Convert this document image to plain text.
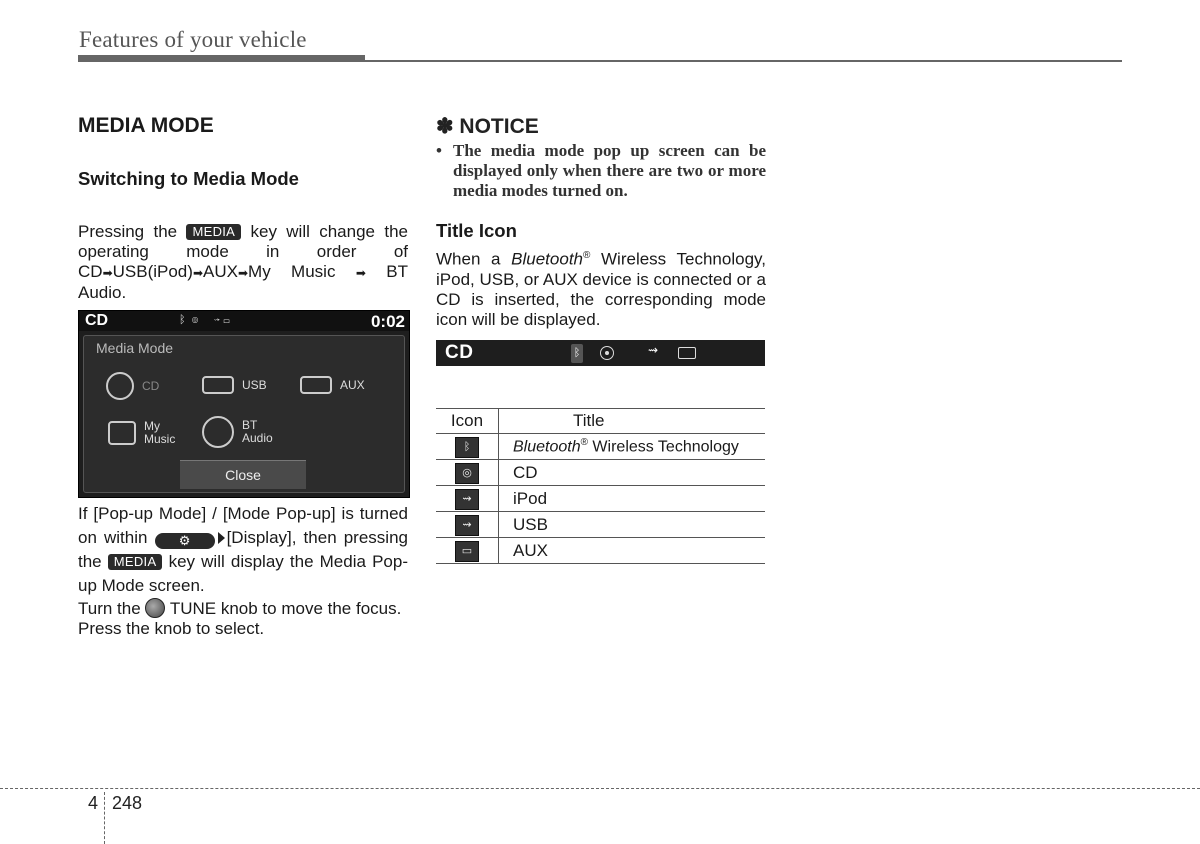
Features of your vehicle
MEDIA MODE
Switching to Media Mode
Pressing the MEDIA key will change the operating mode in order of CD➡USB(iPod)➡AUX➡My Music ➡ BT Audio.
CD	ᛒ  ◎     ⇝ ▭	0:02
Media Mode
CD	USB	AUX
My Music
BT Audio
Close
If [Pop-up Mode] / [Mode Pop-up] is turned on within ⚙ [Display], then pressing the MEDIA key will display the Media Pop-up Mode screen.
Turn the TUNE knob to move the focus. Press the knob to select.
✽ NOTICE
• The media mode pop up screen can be displayed only when there are two or more media modes turned on.
Title Icon
When a Bluetooth® Wireless Technology, iPod, USB, or AUX device is connected or a CD is inserted, the corresponding mode icon will be displayed.
CD	ᛒ	⇝
Icon	Title
ᛒ	Bluetooth® Wireless Technology
◎	CD
⇝	iPod
⇝	USB
▭	AUX
4 248
